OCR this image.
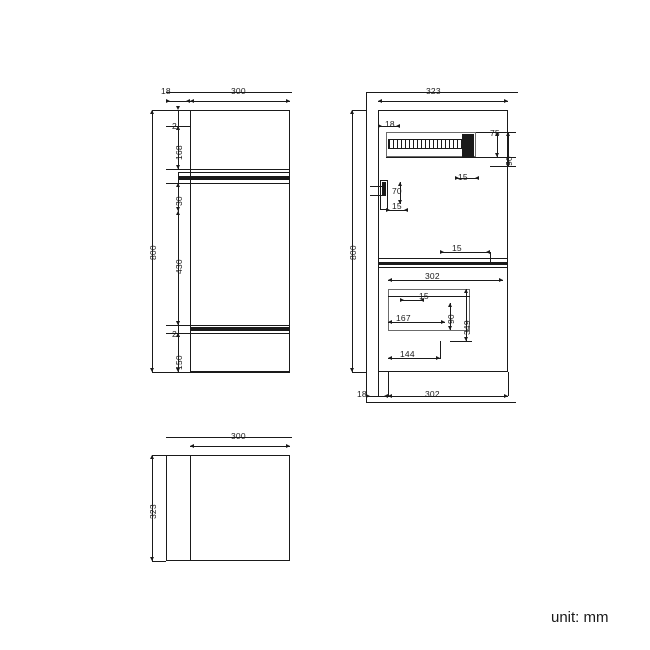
300
18
2
168
30
430
2
150
800
323
18
75
90
15
70
15
15
302
15
167	90
349
144
18	302
800
300
323
unit: mm
